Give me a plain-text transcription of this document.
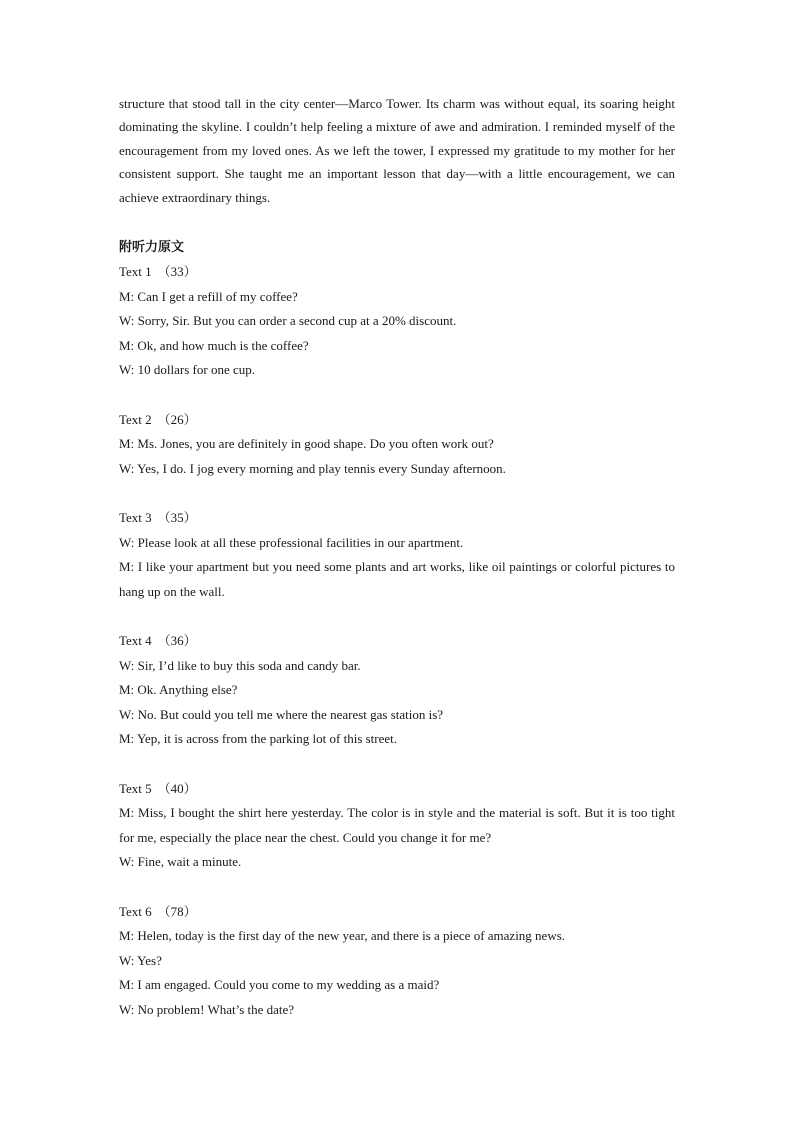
structure that stood tall in the city center—Marco Tower. Its charm was without equal, its soaring height dominating the skyline. I couldn’t help feeling a mixture of awe and admiration. I reminded myself of the encouragement from my loved ones. As we left the tower, I expressed my gratitude to my mother for her consistent support. She taught me an important lesson that day—with a little encouragement, we can achieve extraordinary things.

附听力原文
Text 1 （33）

M: Can I get a refill of my coffee?

W: Sorry, Sir. But you can order a second cup at a 20% discount.

M: Ok, and how much is the coffee?

W: 10 dollars for one cup.

Text 2 （26）

M: Ms. Jones, you are definitely in good shape. Do you often work out?

W: Yes, I do. I jog every morning and play tennis every Sunday afternoon.

Text 3 （35）

W: Please look at all these professional facilities in our apartment.

M: I like your apartment but you need some plants and art works, like oil paintings or colorful pictures to hang up on the wall.

Text 4 （36）

W: Sir, I’d like to buy this soda and candy bar.

M: Ok. Anything else?

W: No. But could you tell me where the nearest gas station is?

M: Yep, it is across from the parking lot of this street.

Text 5 （40）

M: Miss, I bought the shirt here yesterday. The color is in style and the material is soft. But it is too tight for me, especially the place near the chest. Could you change it for me?

W: Fine, wait a minute.

Text 6 （78）

M: Helen, today is the first day of the new year, and there is a piece of amazing news.

W: Yes?

M: I am engaged. Could you come to my wedding as a maid?

W: No problem! What’s the date?
